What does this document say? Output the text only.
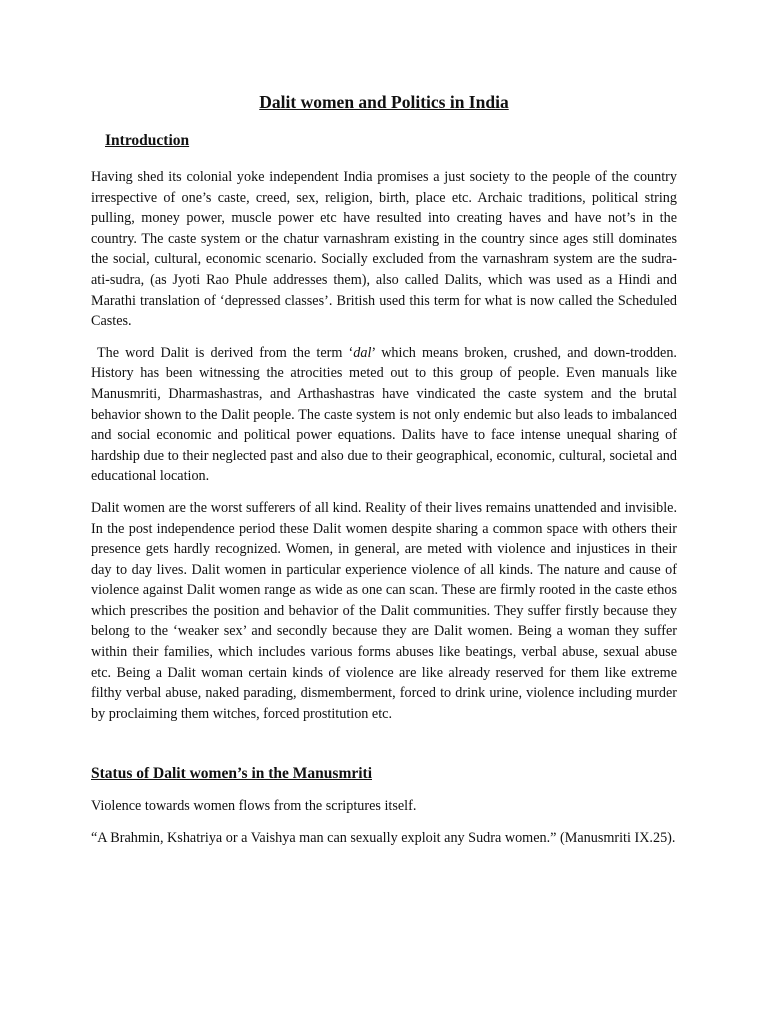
Dalit women and Politics in India
Introduction

Having shed its colonial yoke independent India promises a just society to the people of the country irrespective of one’s caste, creed, sex, religion, birth, place etc. Archaic traditions, political string pulling, money power, muscle power etc have resulted into creating haves and have not’s in the country. The caste system or the chatur varnashram existing in the country since ages still dominates the social, cultural, economic scenario. Socially excluded from the varnashram system are the sudra-ati-sudra, (as Jyoti Rao Phule addresses them), also called Dalits, which was used as a Hindi and Marathi translation of ‘depressed classes’. British used this term for what is now called the Scheduled Castes.

The word Dalit is derived from the term ‘dal’ which means broken, crushed, and down-trodden. History has been witnessing the atrocities meted out to this group of people. Even manuals like Manusmriti, Dharmashastras, and Arthashastras have vindicated the caste system and the brutal behavior shown to the Dalit people. The caste system is not only endemic but also leads to imbalanced and social economic and political power equations. Dalits have to face intense unequal sharing of hardship due to their neglected past and also due to their geographical, economic, cultural, societal and educational location.

Dalit women are the worst sufferers of all kind. Reality of their lives remains unattended and invisible. In the post independence period these Dalit women despite sharing a common space with others their presence gets hardly recognized. Women, in general, are meted with violence and injustices in their day to day lives. Dalit women in particular experience violence of all kinds. The nature and cause of violence against Dalit women range as wide as one can scan. These are firmly rooted in the caste ethos which prescribes the position and behavior of the Dalit communities. They suffer firstly because they belong to the ‘weaker sex’ and secondly because they are Dalit women. Being a woman they suffer within their families, which includes various forms abuses like beatings, verbal abuse, sexual abuse etc. Being a Dalit woman certain kinds of violence are like already reserved for them like extreme filthy verbal abuse, naked parading, dismemberment, forced to drink urine, violence including murder by proclaiming them witches, forced prostitution etc.

Status of Dalit women’s in the Manusmriti

Violence towards women flows from the scriptures itself.

“A Brahmin, Kshatriya or a Vaishya man can sexually exploit any Sudra women.” (Manusmriti IX.25).
